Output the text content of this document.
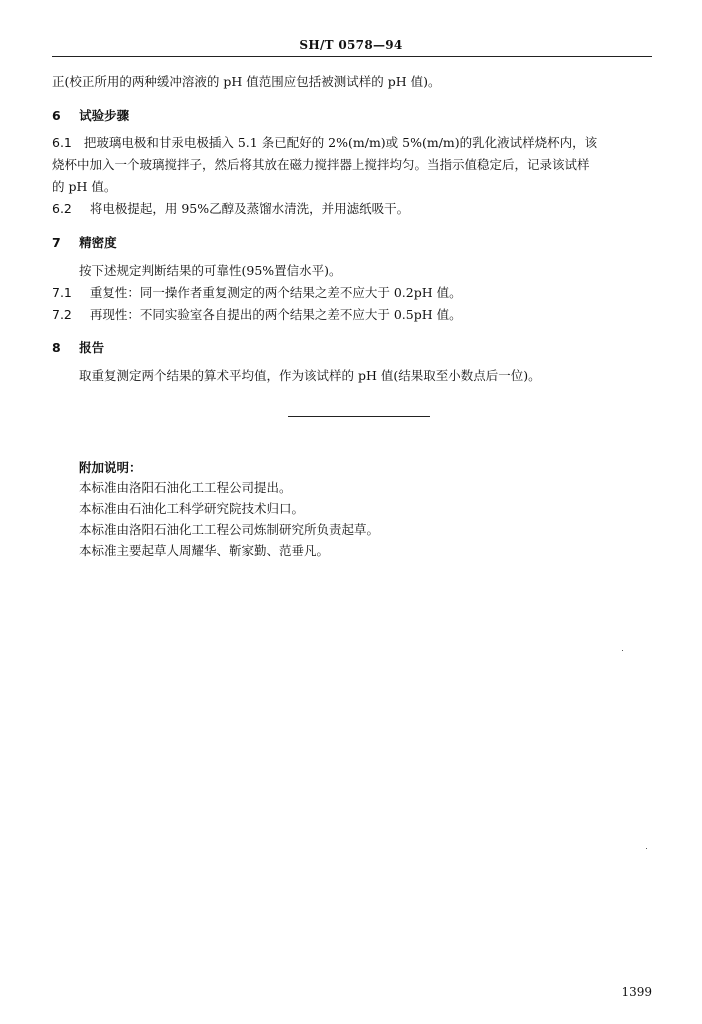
SH/T 0578—94
正(校正所用的两种缓冲溶液的 pH 值范围应包括被测试样的 pH 值)。
6 试验步骤
6.1 把玻璃电极和甘汞电极插入 5.1 条已配好的 2%(m/m)或 5%(m/m)的乳化液试样烧杯内，该
烧杯中加入一个玻璃搅拌子，然后将其放在磁力搅拌器上搅拌均匀。当指示值稳定后，记录该试样
的 pH 值。
6.2 将电极提起，用 95%乙醇及蒸馏水清洗，并用滤纸吸干。
7 精密度
按下述规定判断结果的可靠性(95%置信水平)。
7.1 重复性：同一操作者重复测定的两个结果之差不应大于 0.2pH 值。
7.2 再现性：不同实验室各自提出的两个结果之差不应大于 0.5pH 值。
8 报告
取重复测定两个结果的算术平均值，作为该试样的 pH 值(结果取至小数点后一位)。
附加说明：
本标准由洛阳石油化工工程公司提出。
本标准由石油化工科学研究院技术归口。
本标准由洛阳石油化工工程公司炼制研究所负责起草。
本标准主要起草人周耀华、靳家勤、范垂凡。
1399
